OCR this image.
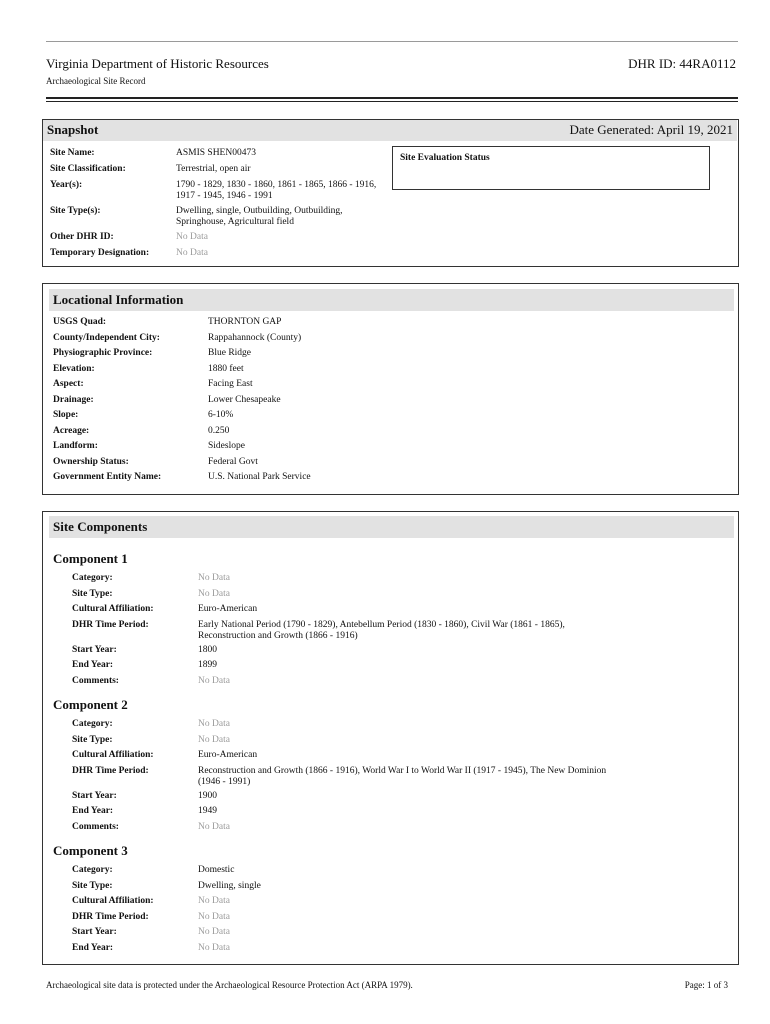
Virginia Department of Historic Resources
Archaeological Site Record
DHR ID: 44RA0112
Snapshot	Date Generated: April 19, 2021
Site Evaluation Status
Site Name:	ASMIS SHEN00473
Site Classification:	Terrestrial, open air
Year(s):	1790 - 1829, 1830 - 1860, 1861 - 1865, 1866 - 1916,
1917 - 1945, 1946 - 1991
Site Type(s):	Dwelling, single, Outbuilding, Outbuilding,
Springhouse, Agricultural field
Other DHR ID:	No Data
Temporary Designation:	No Data
Locational Information
USGS Quad:	THORNTON GAP
County/Independent City:	Rappahannock (County)
Physiographic Province:	Blue Ridge
Elevation:	1880 feet
Aspect:	Facing East
Drainage:	Lower Chesapeake
Slope:	6-10%
Acreage:	0.250
Landform:	Sideslope
Ownership Status:	Federal Govt
Government Entity Name:	U.S. National Park Service
Site Components
Component 1
Category:	No Data
Site Type:	No Data
Cultural Affiliation:	Euro-American
DHR Time Period:	Early National Period (1790 - 1829), Antebellum Period (1830 - 1860), Civil War (1861 - 1865),
Reconstruction and Growth (1866 - 1916)
Start Year:	1800
End Year:	1899
Comments:	No Data
Component 2
Category:	No Data
Site Type:	No Data
Cultural Affiliation:	Euro-American
DHR Time Period:	Reconstruction and Growth (1866 - 1916), World War I to World War II (1917 - 1945), The New Dominion
(1946 - 1991)
Start Year:	1900
End Year:	1949
Comments:	No Data
Component 3
Category:	Domestic
Site Type:	Dwelling, single
Cultural Affiliation:	No Data
DHR Time Period:	No Data
Start Year:	No Data
End Year:	No Data
Archaeological site data is protected under the Archaeological Resource Protection Act (ARPA 1979).	Page: 1 of 3
